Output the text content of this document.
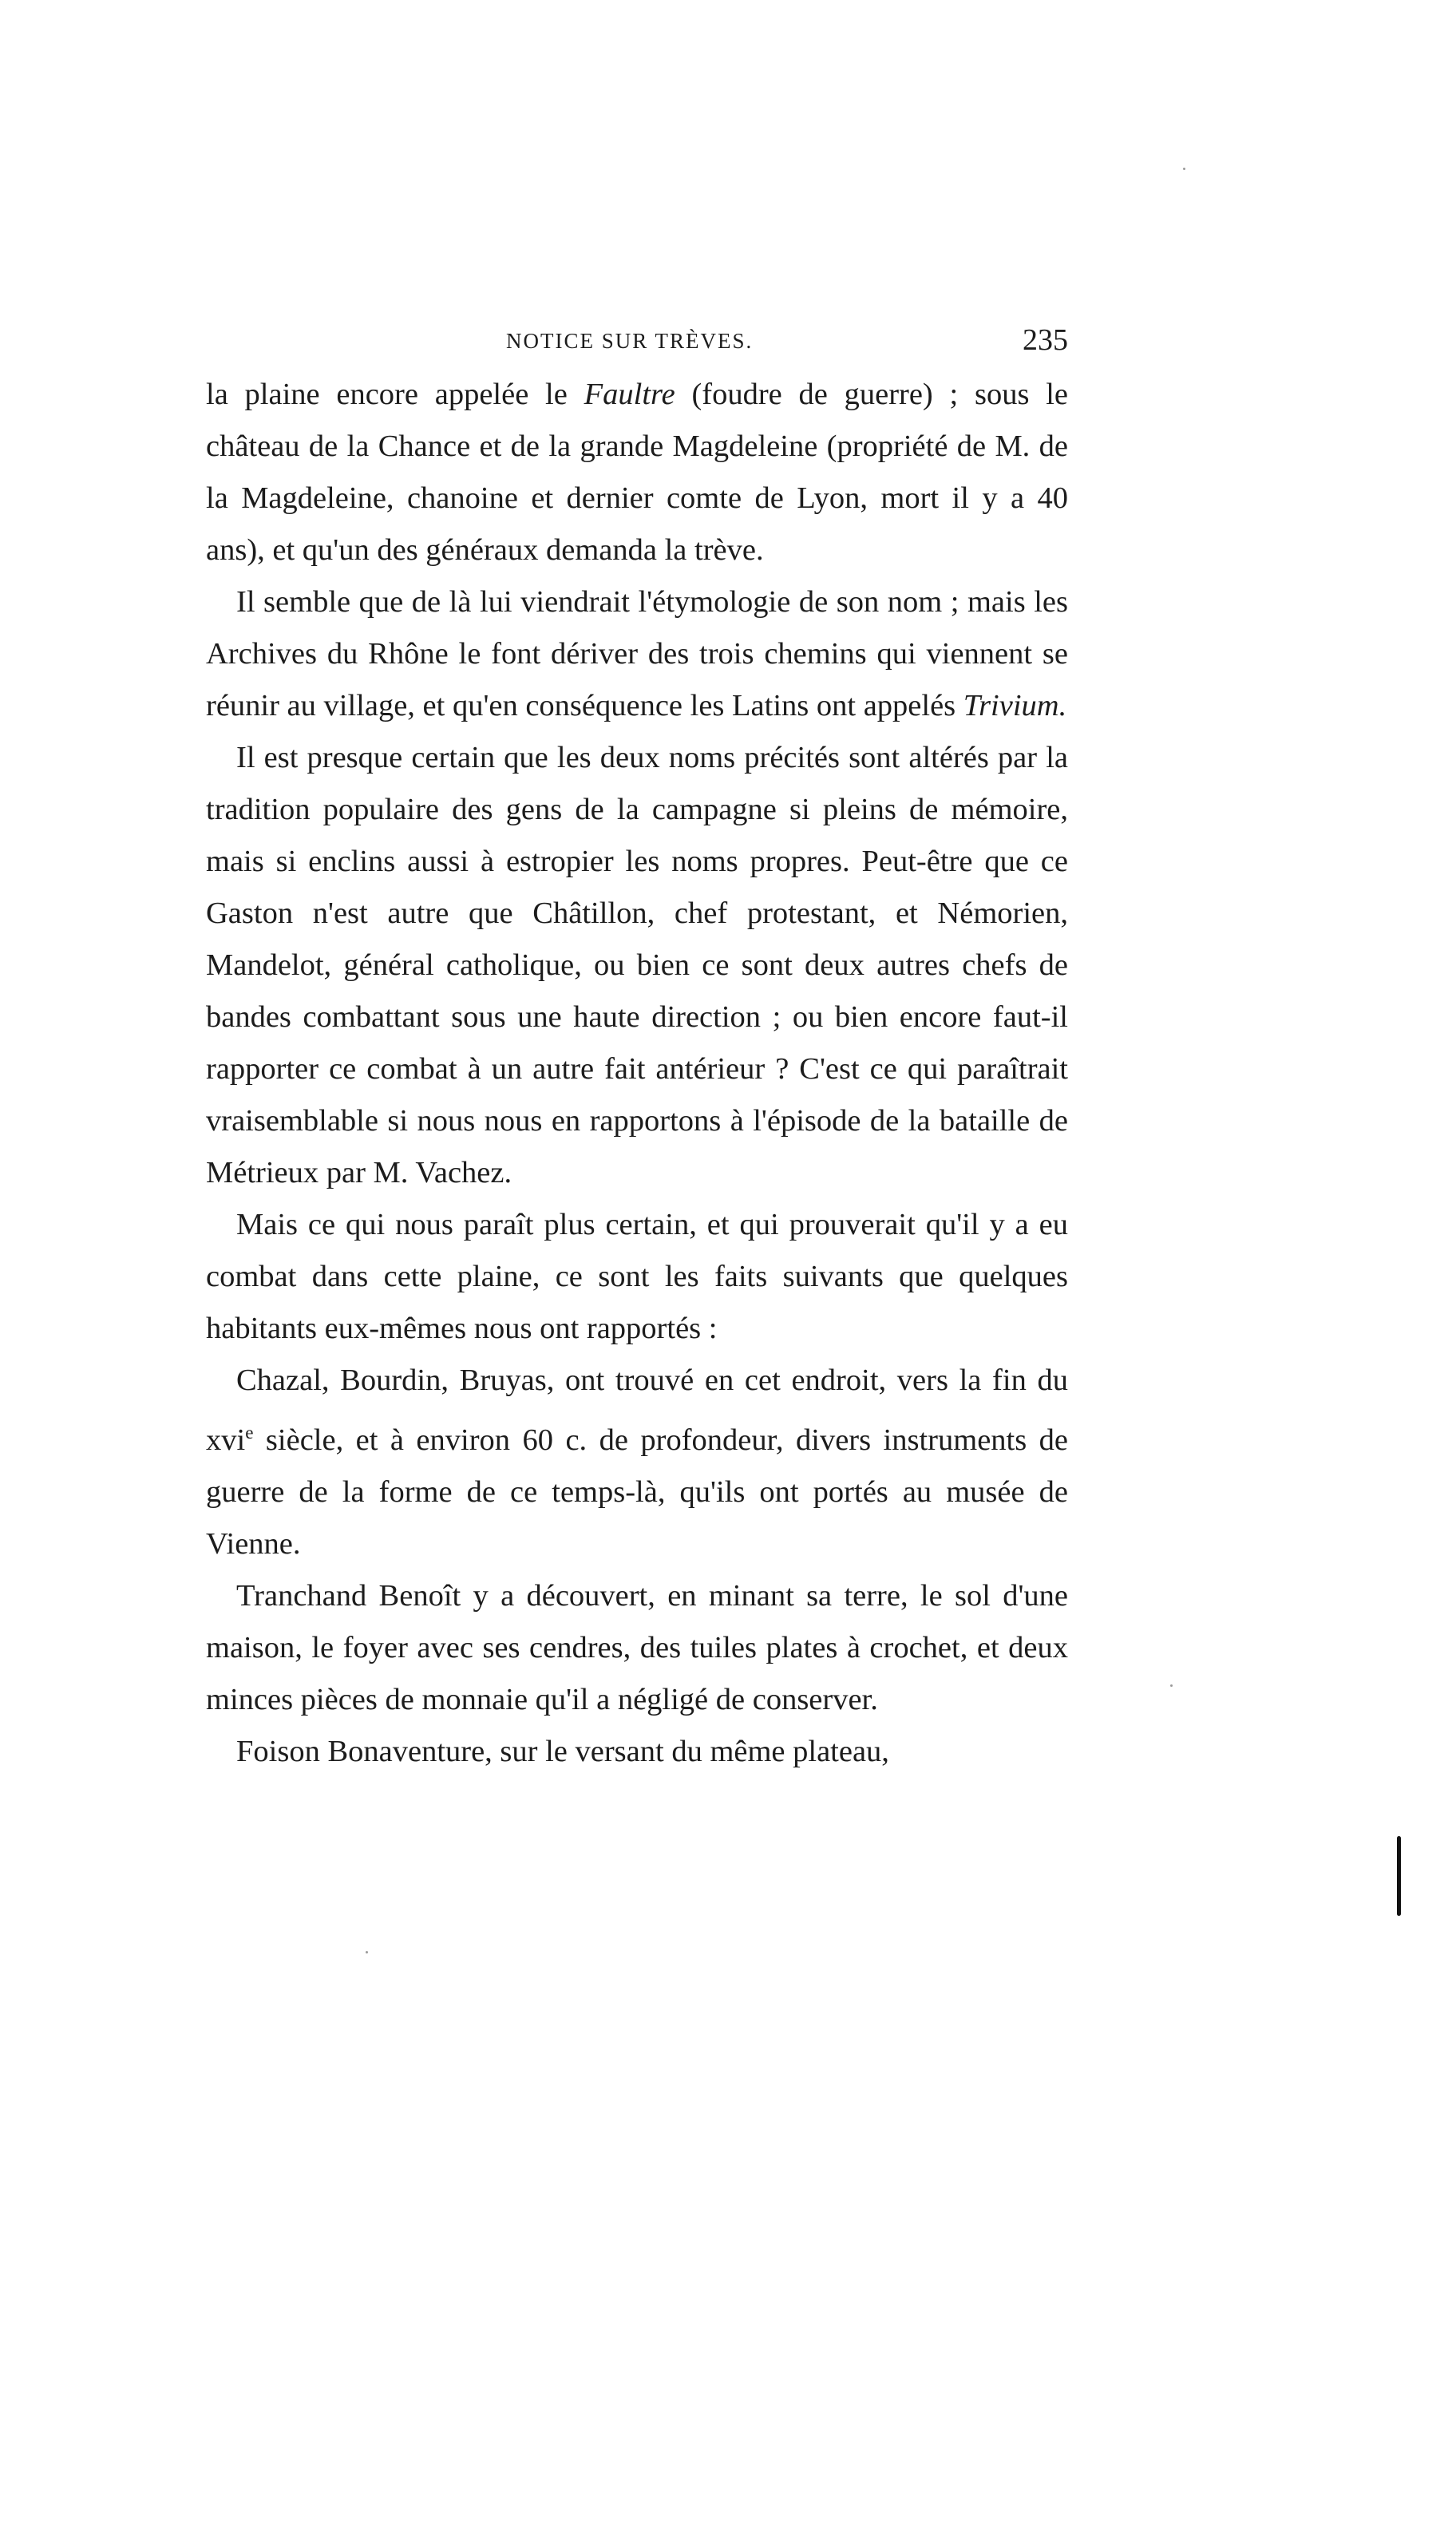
NOTICE SUR TRÈVES.	235

la plaine encore appelée le Faultre (foudre de guerre) ; sous le château de la Chance et de la grande Magdeleine (propriété de M. de la Magdeleine, chanoine et dernier comte de Lyon, mort il y a 40 ans), et qu'un des généraux demanda la trève.

Il semble que de là lui viendrait l'étymologie de son nom ; mais les Archives du Rhône le font dériver des trois chemins qui viennent se réunir au village, et qu'en conséquence les Latins ont appelés Trivium.

Il est presque certain que les deux noms précités sont altérés par la tradition populaire des gens de la campagne si pleins de mémoire, mais si enclins aussi à estropier les noms propres. Peut-être que ce Gaston n'est autre que Châtillon, chef protestant, et Némorien, Mandelot, général catholique, ou bien ce sont deux autres chefs de bandes combattant sous une haute direction ; ou bien encore faut-il rapporter ce combat à un autre fait antérieur ? C'est ce qui paraîtrait vraisemblable si nous nous en rapportons à l'épisode de la bataille de Métrieux par M. Vachez.

Mais ce qui nous paraît plus certain, et qui prouverait qu'il y a eu combat dans cette plaine, ce sont les faits suivants que quelques habitants eux-mêmes nous ont rapportés :

Chazal, Bourdin, Bruyas, ont trouvé en cet endroit, vers la fin du xvi$^e$ siècle, et à environ 60 c. de profondeur, divers instruments de guerre de la forme de ce temps-là, qu'ils ont portés au musée de Vienne.

Tranchand Benoît y a découvert, en minant sa terre, le sol d'une maison, le foyer avec ses cendres, des tuiles plates à crochet, et deux minces pièces de monnaie qu'il a négligé de conserver.

Foison Bonaventure, sur le versant du même plateau,
